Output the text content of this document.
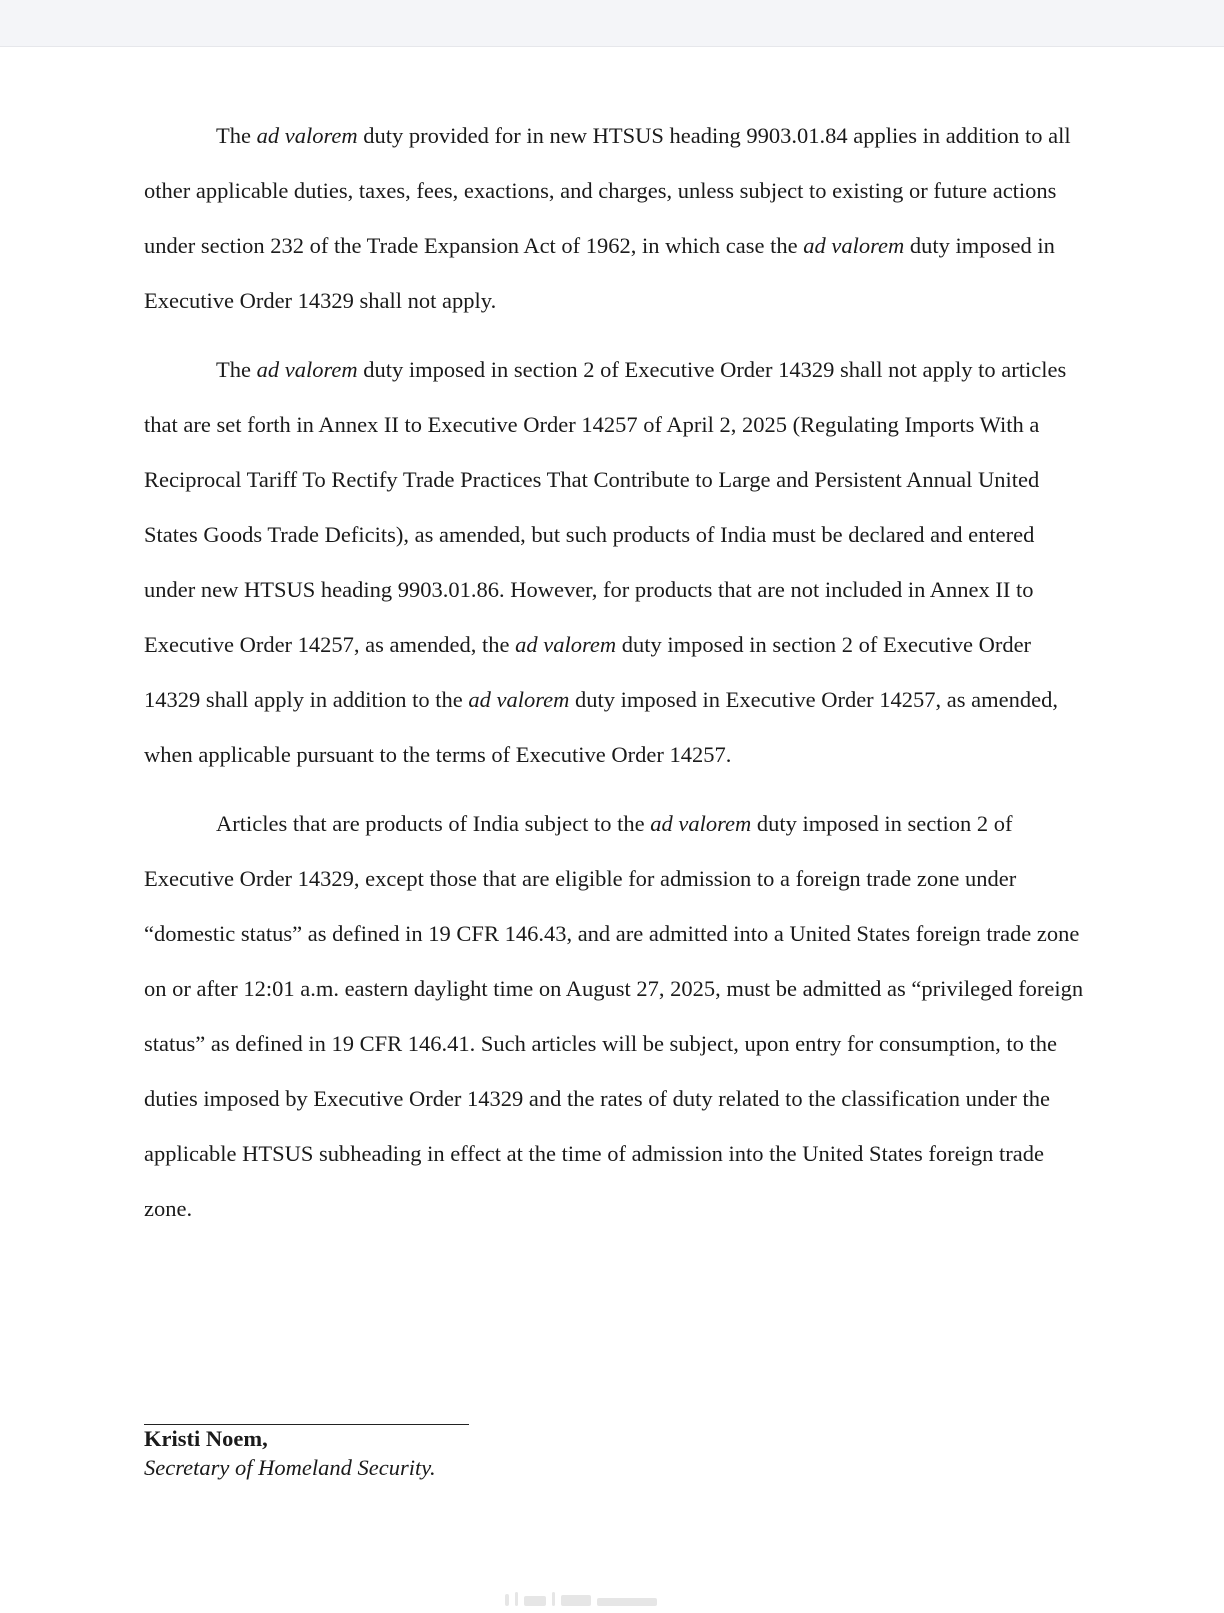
The ad valorem duty provided for in new HTSUS heading 9903.01.84 applies in addition to all other applicable duties, taxes, fees, exactions, and charges, unless subject to existing or future actions under section 232 of the Trade Expansion Act of 1962, in which case the ad valorem duty imposed in Executive Order 14329 shall not apply.

The ad valorem duty imposed in section 2 of Executive Order 14329 shall not apply to articles that are set forth in Annex II to Executive Order 14257 of April 2, 2025 (Regulating Imports With a Reciprocal Tariff To Rectify Trade Practices That Contribute to Large and Persistent Annual United States Goods Trade Deficits), as amended, but such products of India must be declared and entered under new HTSUS heading 9903.01.86. However, for products that are not included in Annex II to Executive Order 14257, as amended, the ad valorem duty imposed in section 2 of Executive Order 14329 shall apply in addition to the ad valorem duty imposed in Executive Order 14257, as amended, when applicable pursuant to the terms of Executive Order 14257.

Articles that are products of India subject to the ad valorem duty imposed in section 2 of Executive Order 14329, except those that are eligible for admission to a foreign trade zone under “domestic status” as defined in 19 CFR 146.43, and are admitted into a United States foreign trade zone on or after 12:01 a.m. eastern daylight time on August 27, 2025, must be admitted as “privileged foreign status” as defined in 19 CFR 146.41. Such articles will be subject, upon entry for consumption, to the duties imposed by Executive Order 14329 and the rates of duty related to the classification under the applicable HTSUS subheading in effect at the time of admission into the United States foreign trade zone.

Kristi Noem,
Secretary of Homeland Security.
